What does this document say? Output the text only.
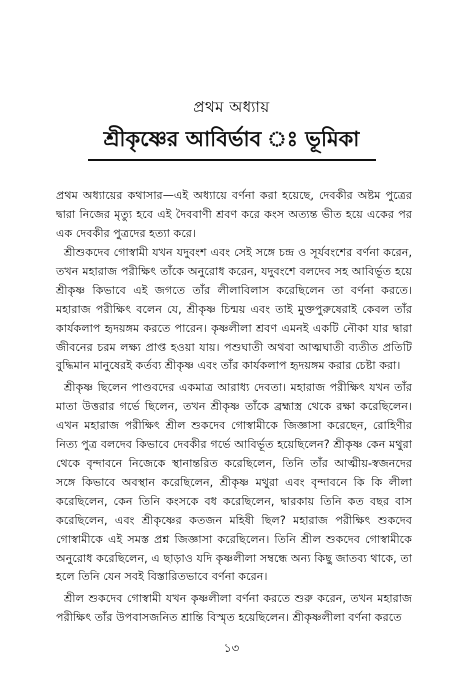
প্রথম অধ্যায়
শ্রীকৃষ্ণের আবির্ভাব ঃ ভূমিকা
প্রথম অধ্যায়ের কথাসার—এই অধ্যায়ে বর্ণনা করা হয়েছে, দেবকীর অষ্টম পুত্রের দ্বারা নিজের মৃত্যু হবে এই দৈববাণী শ্রবণ করে কংস অত্যন্ত ভীত হয়ে একের পর এক দেবকীর পুত্রদের হত্যা করে।

শ্রীশুকদেব গোস্বামী যখন যদুবংশ এবং সেই সঙ্গে চন্দ্র ও সূর্যবংশের বর্ণনা করেন, তখন মহারাজ পরীক্ষিৎ তাঁকে অনুরোধ করেন, যদুবংশে বলদেব সহ আবির্ভূত হয়ে শ্রীকৃষ্ণ কিভাবে এই জগতে তাঁর লীলাবিলাস করেছিলেন তা বর্ণনা করতে। মহারাজ পরীক্ষিৎ বলেন যে, শ্রীকৃষ্ণ চিন্ময় এবং তাই মুক্তপুরুষেরাই কেবল তাঁর কার্যকলাপ হৃদয়ঙ্গম করতে পারেন। কৃষ্ণলীলা শ্রবণ এমনই একটি নৌকা যার দ্বারা জীবনের চরম লক্ষ্য প্রাপ্ত হওয়া যায়। পশুঘাতী অথবা আত্মঘাতী ব্যতীত প্রতিটি বুদ্ধিমান মানুষেরই কর্তব্য শ্রীকৃষ্ণ এবং তাঁর কার্যকলাপ হৃদয়ঙ্গম করার চেষ্টা করা।

শ্রীকৃষ্ণ ছিলেন পাণ্ডবদের একমাত্র আরাধ্য দেবতা। মহারাজ পরীক্ষিৎ যখন তাঁর মাতা উত্তরার গর্ভে ছিলেন, তখন শ্রীকৃষ্ণ তাঁকে ব্রহ্মাস্ত্র থেকে রক্ষা করেছিলেন। এখন মহারাজ পরীক্ষিৎ শ্রীল শুকদেব গোস্বামীকে জিজ্ঞাসা করেছেন, রোহিণীর নিত্য পুত্র বলদেব কিভাবে দেবকীর গর্ভে আবির্ভূত হয়েছিলেন? শ্রীকৃষ্ণ কেন মথুরা থেকে বৃন্দাবনে নিজেকে স্থানান্তরিত করেছিলেন, তিনি তাঁর আত্মীয়-স্বজনদের সঙ্গে কিভাবে অবস্থান করেছিলেন, শ্রীকৃষ্ণ মথুরা এবং বৃন্দাবনে কি কি লীলা করেছিলেন, কেন তিনি কংসকে বধ করেছিলেন, দ্বারকায় তিনি কত বছর বাস করেছিলেন, এবং শ্রীকৃষ্ণের কতজন মহিষী ছিল? মহারাজ পরীক্ষিৎ শুকদেব গোস্বামীকে এই সমস্ত প্রশ্ন জিজ্ঞাসা করেছিলেন। তিনি শ্রীল শুকদেব গোস্বামীকে অনুরোধ করেছিলেন, এ ছাড়াও যদি কৃষ্ণলীলা সম্বন্ধে অন্য কিছু জাতব্য থাকে, তা হলে তিনি যেন সবই বিস্তারিতভাবে বর্ণনা করেন।

শ্রীল শুকদেব গোস্বামী যখন কৃষ্ণলীলা বর্ণনা করতে শুরু করেন, তখন মহারাজ পরীক্ষিৎ তাঁর উপবাসজনিত শ্রান্তি বিস্মৃত হয়েছিলেন। শ্রীকৃষ্ণলীলা বর্ণনা করতে

১৩
